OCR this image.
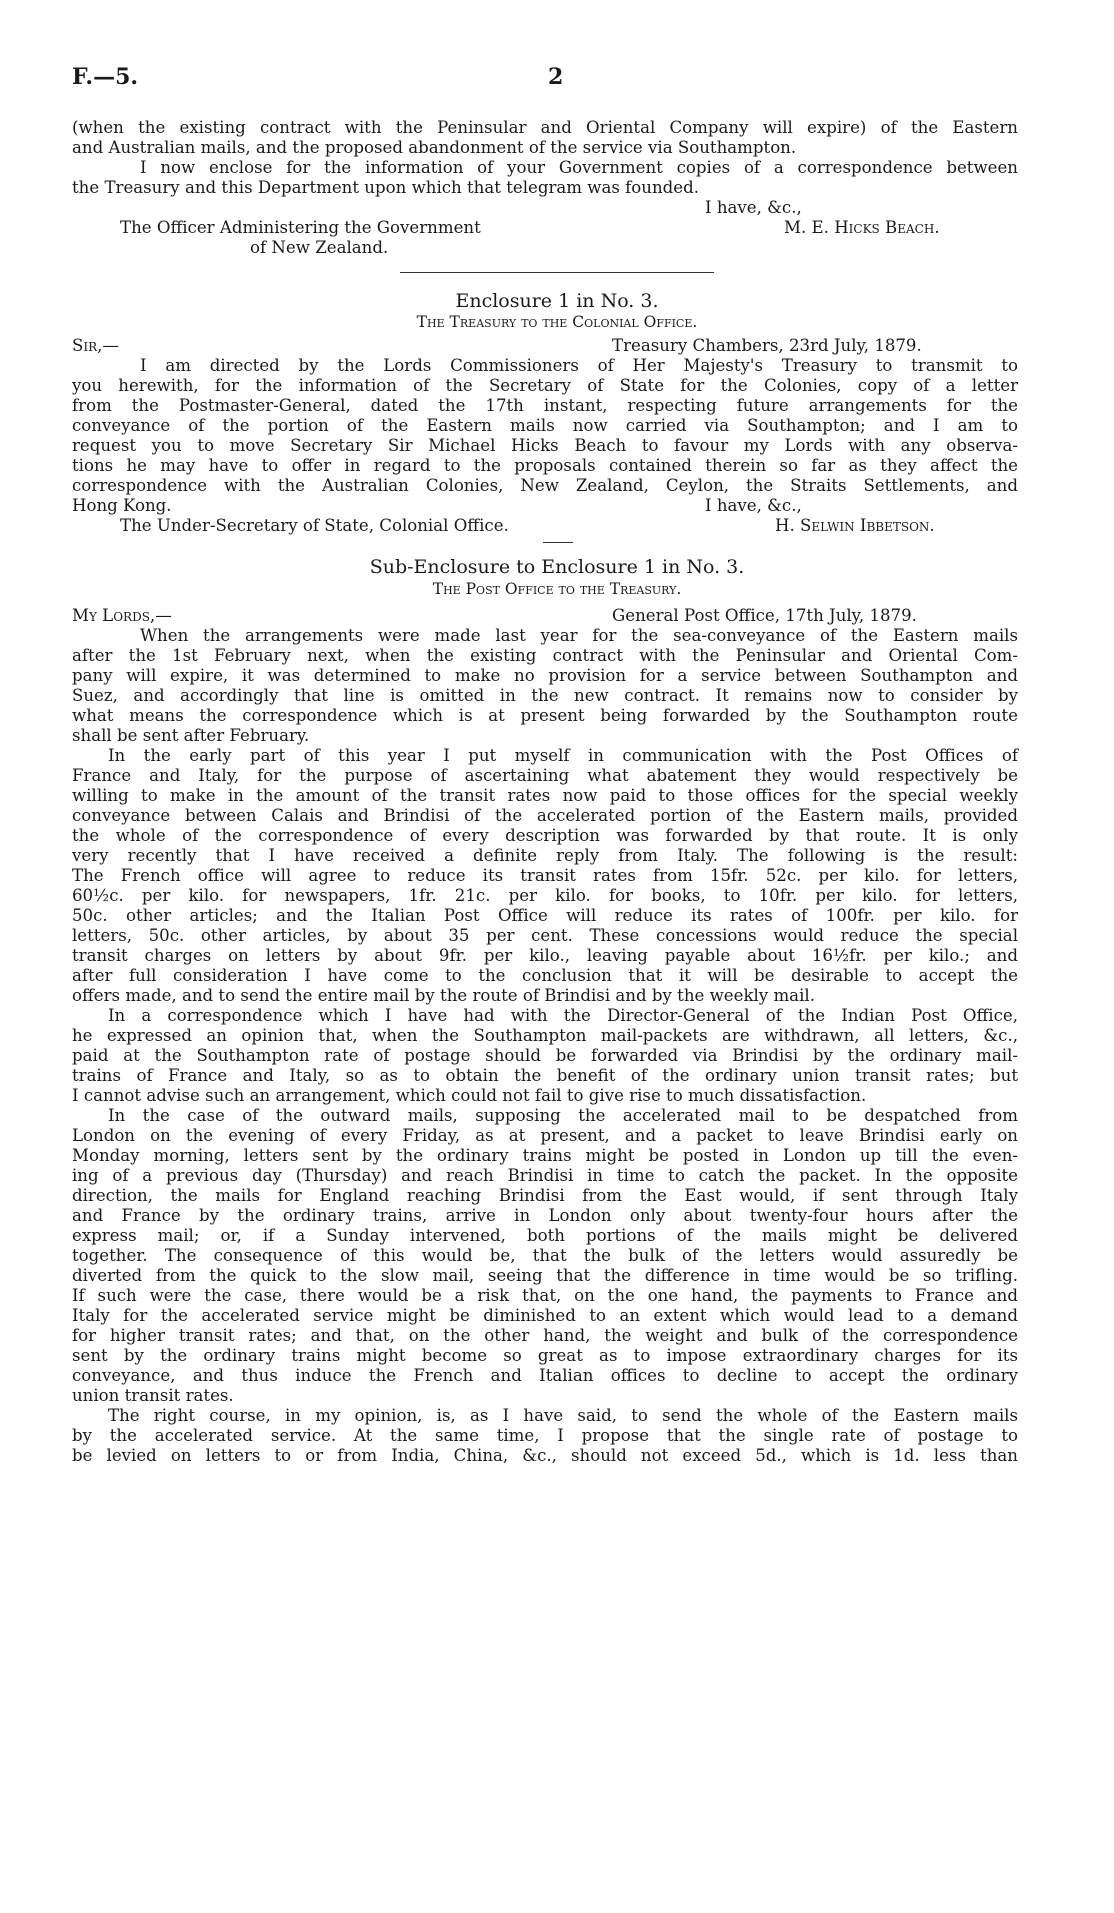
F.—5.	2
(when the existing contract with the Peninsular and Oriental Company will expire) of the Eastern
and Australian mails, and the proposed abandonment of the service via Southampton.
I now enclose for the information of your Government copies of a correspondence between
the Treasury and this Department upon which that telegram was founded.
I have, &c.,
The Officer Administering the Government	M. E. Hicks Beach.
of New Zealand.
Enclosure 1 in No. 3.
The Treasury to the Colonial Office.
Sir,—	Treasury Chambers, 23rd July, 1879.
I am directed by the Lords Commissioners of Her Majesty's Treasury to transmit to
you herewith, for the information of the Secretary of State for the Colonies, copy of a letter
from the Postmaster-General, dated the 17th instant, respecting future arrangements for the
conveyance of the portion of the Eastern mails now carried via Southampton; and I am to
request you to move Secretary Sir Michael Hicks Beach to favour my Lords with any observa-
tions he may have to offer in regard to the proposals contained therein so far as they affect the
correspondence with the Australian Colonies, New Zealand, Ceylon, the Straits Settlements, and
Hong Kong.	I have, &c.,
The Under-Secretary of State, Colonial Office.	H. Selwin Ibbetson.
Sub-Enclosure to Enclosure 1 in No. 3.
The Post Office to the Treasury.
My Lords,—	General Post Office, 17th July, 1879.
When the arrangements were made last year for the sea-conveyance of the Eastern mails
after the 1st February next, when the existing contract with the Peninsular and Oriental Com-
pany will expire, it was determined to make no provision for a service between Southampton and
Suez, and accordingly that line is omitted in the new contract. It remains now to consider by
what means the correspondence which is at present being forwarded by the Southampton route
shall be sent after February.
In the early part of this year I put myself in communication with the Post Offices of
France and Italy, for the purpose of ascertaining what abatement they would respectively be
willing to make in the amount of the transit rates now paid to those offices for the special weekly
conveyance between Calais and Brindisi of the accelerated portion of the Eastern mails, provided
the whole of the correspondence of every description was forwarded by that route. It is only
very recently that I have received a definite reply from Italy. The following is the result:
The French office will agree to reduce its transit rates from 15fr. 52c. per kilo. for letters,
60½c. per kilo. for newspapers, 1fr. 21c. per kilo. for books, to 10fr. per kilo. for letters,
50c. other articles; and the Italian Post Office will reduce its rates of 100fr. per kilo. for
letters, 50c. other articles, by about 35 per cent. These concessions would reduce the special
transit charges on letters by about 9fr. per kilo., leaving payable about 16½fr. per kilo.; and
after full consideration I have come to the conclusion that it will be desirable to accept the
offers made, and to send the entire mail by the route of Brindisi and by the weekly mail.
In a correspondence which I have had with the Director-General of the Indian Post Office,
he expressed an opinion that, when the Southampton mail-packets are withdrawn, all letters, &c.,
paid at the Southampton rate of postage should be forwarded via Brindisi by the ordinary mail-
trains of France and Italy, so as to obtain the benefit of the ordinary union transit rates; but
I cannot advise such an arrangement, which could not fail to give rise to much dissatisfaction.
In the case of the outward mails, supposing the accelerated mail to be despatched from
London on the evening of every Friday, as at present, and a packet to leave Brindisi early on
Monday morning, letters sent by the ordinary trains might be posted in London up till the even-
ing of a previous day (Thursday) and reach Brindisi in time to catch the packet. In the opposite
direction, the mails for England reaching Brindisi from the East would, if sent through Italy
and France by the ordinary trains, arrive in London only about twenty-four hours after the
express mail; or, if a Sunday intervened, both portions of the mails might be delivered
together. The consequence of this would be, that the bulk of the letters would assuredly be
diverted from the quick to the slow mail, seeing that the difference in time would be so trifling.
If such were the case, there would be a risk that, on the one hand, the payments to France and
Italy for the accelerated service might be diminished to an extent which would lead to a demand
for higher transit rates; and that, on the other hand, the weight and bulk of the correspondence
sent by the ordinary trains might become so great as to impose extraordinary charges for its
conveyance, and thus induce the French and Italian offices to decline to accept the ordinary
union transit rates.
The right course, in my opinion, is, as I have said, to send the whole of the Eastern mails
by the accelerated service. At the same time, I propose that the single rate of postage to
be levied on letters to or from India, China, &c., should not exceed 5d., which is 1d. less than
